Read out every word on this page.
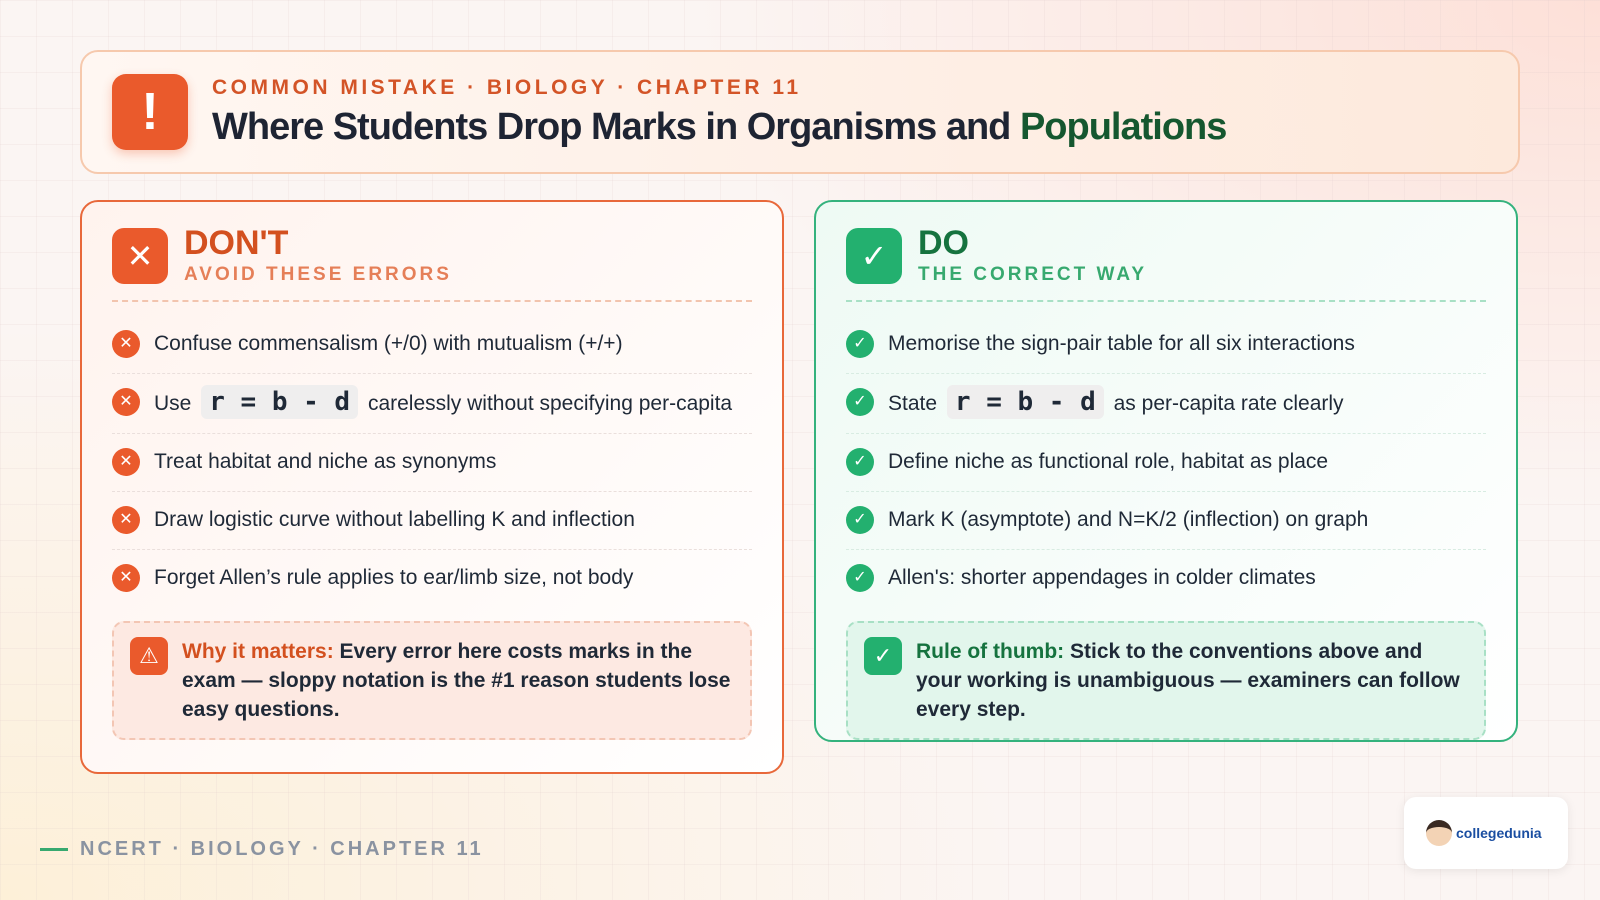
!	COMMON MISTAKE · BIOLOGY · CHAPTER 11
Where Students Drop Marks in Organisms and Populations
✕ DON'T
AVOID THESE ERRORS
✕	Confuse commensalism (+/0) with mutualism (+/+)
✕	Use r = b - d carelessly without specifying per-capita
✕	Treat habitat and niche as synonyms
✕	Draw logistic curve without labelling K and inflection
✕	Forget Allen’s rule applies to ear/limb size, not body
⚠	Why it matters: Every error here costs marks in the exam — sloppy notation is the #1 reason students lose easy questions.
✓ DO
THE CORRECT WAY
✓	Memorise the sign-pair table for all six interactions
✓	State r = b - d as per-capita rate clearly
✓	Define niche as functional role, habitat as place
✓	Mark K (asymptote) and N=K/2 (inflection) on graph
✓	Allen's: shorter appendages in colder climates
✓	Rule of thumb: Stick to the conventions above and your working is unambiguous — examiners can follow every step.
NCERT · BIOLOGY · CHAPTER 11
collegedunia
